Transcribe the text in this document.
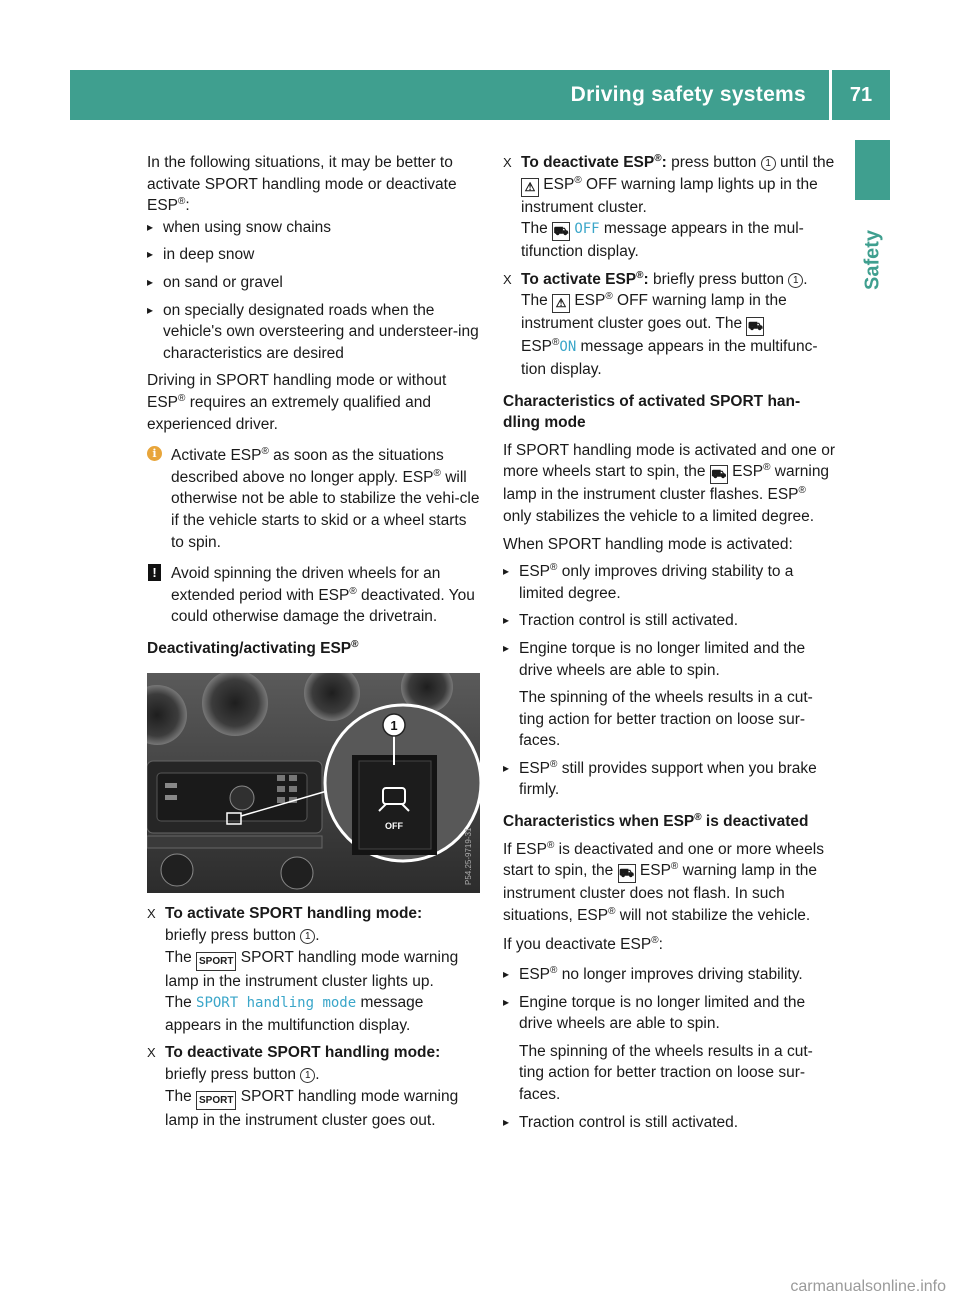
Driving safety systems	71
Safety

In the following situations, it may be better to activate SPORT handling mode or deactivate ESP®:

▸ when using snow chains

▸ in deep snow

▸ on sand or gravel

▸ on specially designated roads when the vehicle's own oversteering and understeer-ing characteristics are desired

Driving in SPORT handling mode or without ESP® requires an extremely qualified and experienced driver.

i Activate ESP® as soon as the situations described above no longer apply. ESP® will otherwise not be able to stabilize the vehi-cle if the vehicle starts to skid or a wheel starts to spin.

! Avoid spinning the driven wheels for an extended period with ESP® deactivated. You could otherwise damage the drivetrain.

Deactivating/activating ESP®

OFF
1
P54.25-9719-31

X To activate SPORT handling mode:
briefly press button 1 .
The SPORT SPORT handling mode warning lamp in the instrument cluster lights up.
The SPORT handling mode message appears in the multifunction display.

X To deactivate SPORT handling mode:
briefly press button 1 .
The SPORT SPORT handling mode warning lamp in the instrument cluster goes out.

X To deactivate ESP®: press button 1 until the ⚠ ESP® OFF warning lamp lights up in the instrument cluster.
The ⛟ OFF message appears in the mul-tifunction display.

X To activate ESP®: briefly press button 1 .
The ⚠ ESP® OFF warning lamp in the instrument cluster goes out. The ⛟
ESP®ON message appears in the multifunc-tion display.

Characteristics of activated SPORT han-dling mode

If SPORT handling mode is activated and one or more wheels start to spin, the ⛟ ESP® warning lamp in the instrument cluster flashes. ESP® only stabilizes the vehicle to a limited degree.

When SPORT handling mode is activated:

▸ ESP® only improves driving stability to a limited degree.

▸ Traction control is still activated.

▸ Engine torque is no longer limited and the drive wheels are able to spin.

The spinning of the wheels results in a cut-ting action for better traction on loose sur-faces.

▸ ESP® still provides support when you brake firmly.

Characteristics when ESP® is deactivated

If ESP® is deactivated and one or more wheels start to spin, the ⛟ ESP® warning lamp in the instrument cluster does not flash. In such situations, ESP® will not stabilize the vehicle.

If you deactivate ESP®:

▸ ESP® no longer improves driving stability.

▸ Engine torque is no longer limited and the drive wheels are able to spin.

The spinning of the wheels results in a cut-ting action for better traction on loose sur-faces.

▸ Traction control is still activated.

carmanualsonline.info
